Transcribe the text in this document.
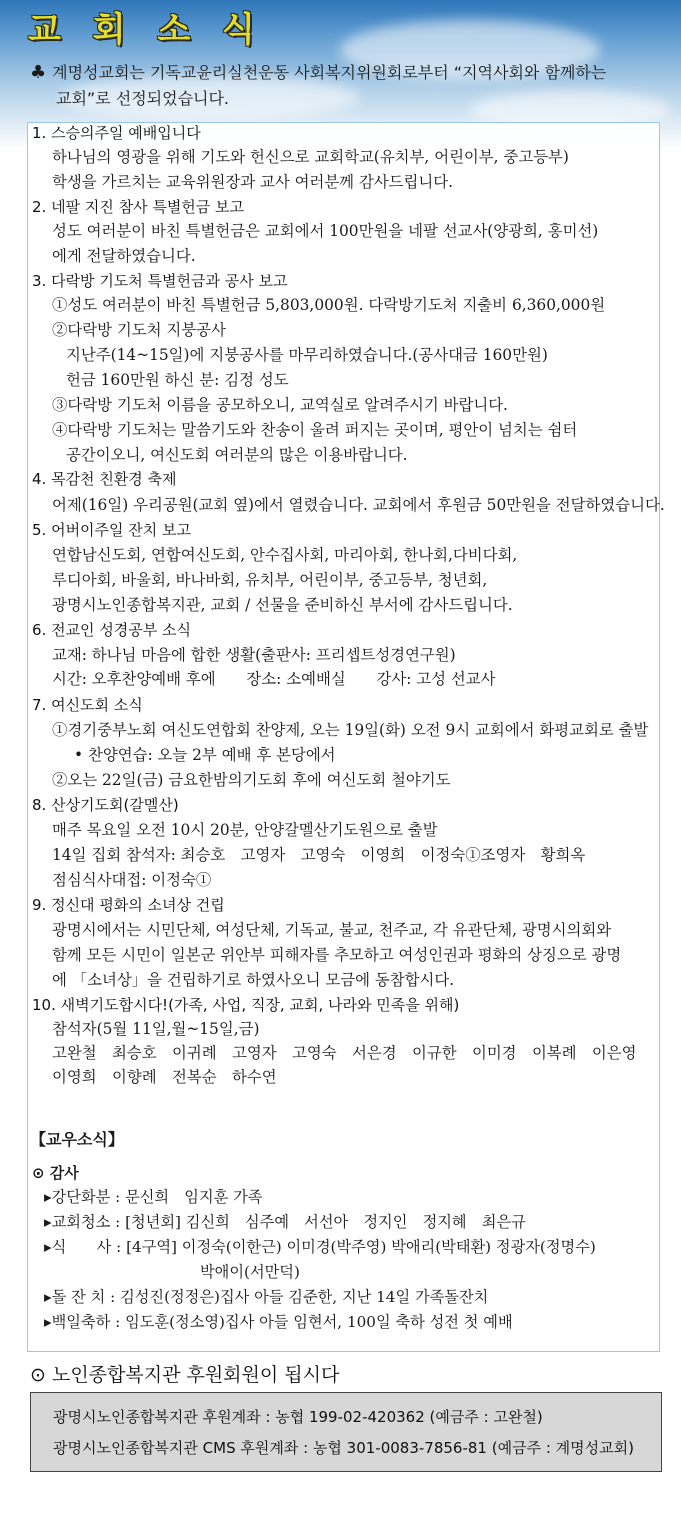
교 회 소 식
♣ 계명성교회는 기독교윤리실천운동 사회복지위원회로부터 “지역사회와 함께하는
교회”로 선정되었습니다.
1. 스승의주일 예배입니다
하나님의 영광을 위해 기도와 헌신으로 교회학교(유치부, 어린이부, 중고등부)
학생을 가르치는 교육위원장과 교사 여러분께 감사드립니다.
2. 네팔 지진 참사 특별헌금 보고
성도 여러분이 바친 특별헌금은 교회에서 100만원을 네팔 선교사(양광희, 홍미선)
에게 전달하였습니다.
3. 다락방 기도처 특별헌금과 공사 보고
①성도 여러분이 바친 특별헌금 5,803,000원. 다락방기도처 지출비 6,360,000원
②다락방 기도처 지붕공사
지난주(14~15일)에 지붕공사를 마무리하였습니다.(공사대금 160만원)
헌금 160만원 하신 분: 김정 성도
③다락방 기도처 이름을 공모하오니, 교역실로 알려주시기 바랍니다.
④다락방 기도처는 말씀기도와 찬송이 울려 퍼지는 곳이며, 평안이 넘치는 쉼터
공간이오니, 여신도회 여러분의 많은 이용바랍니다.
4. 목감천 친환경 축제
어제(16일) 우리공원(교회 옆)에서 열렸습니다. 교회에서 후원금 50만원을 전달하였습니다.
5. 어버이주일 잔치 보고
연합남신도회, 연합여신도회, 안수집사회, 마리아회, 한나회,다비다회,
루디아회, 바울회, 바나바회, 유치부, 어린이부, 중고등부, 청년회,
광명시노인종합복지관, 교회 / 선물을 준비하신 부서에 감사드립니다.
6. 전교인 성경공부 소식
교재: 하나님 마음에 합한 생활(출판사: 프리셉트성경연구원)
시간: 오후찬양예배 후에　　장소: 소예배실　　강사: 고성 선교사
7. 여신도회 소식
①경기중부노회 여신도연합회 찬양제, 오는 19일(화) 오전 9시 교회에서 화평교회로 출발
• 찬양연습: 오늘 2부 예배 후 본당에서
②오는 22일(금) 금요한밤의기도회 후에 여신도회 철야기도
8. 산상기도회(갈멜산)
매주 목요일 오전 10시 20분, 안양갈멜산기도원으로 출발
14일 집회 참석자: 최승호　고영자　고영숙　이영희　이정숙①조영자　황희옥
점심식사대접: 이정숙①
9. 정신대 평화의 소녀상 건립
광명시에서는 시민단체, 여성단체, 기독교, 불교, 천주교, 각 유관단체, 광명시의회와
함께 모든 시민이 일본군 위안부 피해자를 추모하고 여성인권과 평화의 상징으로 광명
에 「소녀상」을 건립하기로 하였사오니 모금에 동참합시다.
10. 새벽기도합시다!(가족, 사업, 직장, 교회, 나라와 민족을 위해)
참석자(5월 11일,월~15일,금)
고완철　최승호　이귀례　고영자　고영숙　서은경　이규한　이미경　이복례　이은영
이영희　이향례　전복순　하수연
【교우소식】
⊙ 감사
▸강단화분 : 문신희　임지훈 가족
▸교회청소 : [청년회] 김신희　심주예　서선아　정지인　정지혜　최은규
▸식　　사 : [4구역] 이정숙(이한근) 이미경(박주영) 박애리(박태환) 정광자(정명수)
박애이(서만덕)
▸돌 잔 치 : 김성진(정정은)집사 아들 김준한, 지난 14일 가족돌잔치
▸백일축하 : 임도훈(정소영)집사 아들 임현서, 100일 축하 성전 첫 예배
⊙ 노인종합복지관 후원회원이 됩시다
광명시노인종합복지관 후원계좌 : 농협 199-02-420362 (예금주 : 고완철)
광명시노인종합복지관 CMS 후원계좌 : 농협 301-0083-7856-81 (예금주 : 계명성교회)
